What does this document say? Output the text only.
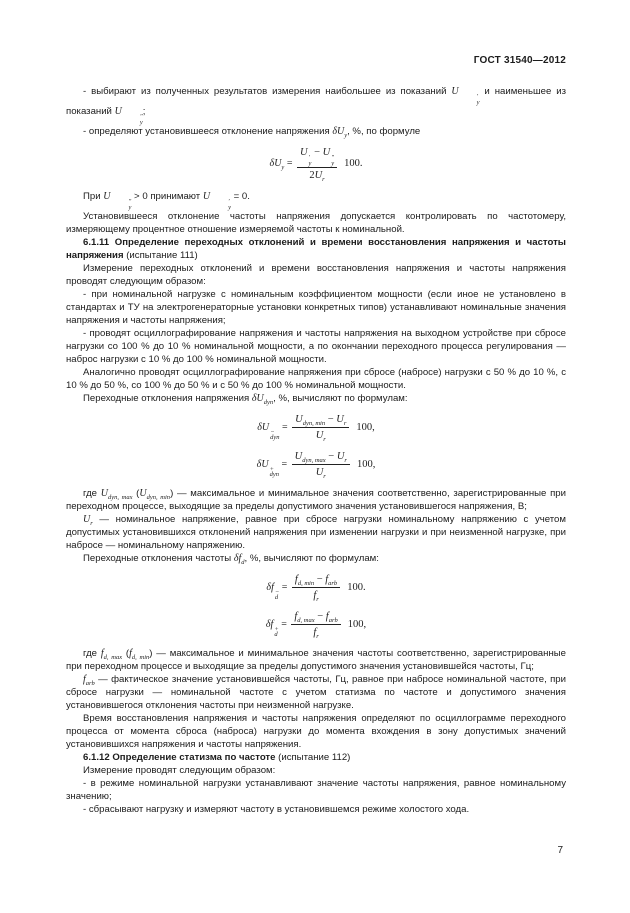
ГОСТ 31540—2012

- выбирают из полученных результатов измерения наибольшее из показаний U	′
y
и наименьшее из показаний U	″
y
;

- определяют установившееся отклонение напряжения $\delta U_y$, %, по формуле

$\delta U_y = U$ ′
y
− U ″
y
$2U_r$ 100.

При U	″
y
> 0 принимают U	′
y
= 0.

Установившееся отклонение частоты напряжения допускается контролировать по частотомеру, измеряющему процентное отношение измеряемой частоты к номинальной.

6.1.11 Определение переходных отклонений и времени восстановления напряжения и частоты напряжения (испытание 111)

Измерение переходных отклонений и времени восстановления напряжения и частоты напряжения проводят следующим образом:

- при номинальной нагрузке с номинальным коэффициентом мощности (если иное не установлено в стандартах и ТУ на электрогенераторные установки конкретных типов) устанавливают номинальные значения напряжения и частоты напряжения;

- проводят осциллографирование напряжения и частоты напряжения на выходном устройстве при сбросе нагрузки со 100 % до 10 % номинальной мощности, а по окончании переходного процесса регулирования — наброс нагрузки с 10 % до 100 % номинальной мощности.

Аналогично проводят осциллографирование напряжения при сбросе (набросе) нагрузки с 50 % до 10 %, с 10 % до 50 %, со 100 % до 50 % и с 50 % до 100 % номинальной мощности.

Переходные отклонения напряжения $\delta U_{dyn}$, %, вычисляют по формулам:

δU −
dyn
= $\frac{U_{dyn, min} - U_r}{U_r} 100$,
δU +
dyn
= $\frac{U_{dyn, max} - U_r}{U_r} 100$,

где $U_{dyn, max}$ $(U_{dyn, min})$ — максимальное и минимальное значения соответственно, зарегистрированные при переходном процессе, выходящие за пределы допустимого значения установившегося напряжения, В;

$U_r$ — номинальное напряжение, равное при сбросе нагрузки номинальному напряжению с учетом допустимых установившихся отклонений напряжения при изменении нагрузки и при неизменной нагрузке, при набросе — номинальному напряжению.

Переходные отклонения частоты $\delta f_d$, %, вычисляют по формулам:

δf −
d
= $\frac{f_{d, min} - f_{arb}}{f_r} 100$.
δf +
d
= $\frac{f_{d, max} - f_{arb}}{f_r} 100$,

где $f_{d, max}$ $(f_{d, min})$ — максимальное и минимальное значения частоты соответственно, зарегистрированные при переходном процессе и выходящие за пределы допустимого значения установившейся частоты, Гц;

$f_{arb}$ — фактическое значение установившейся частоты, Гц, равное при набросе номинальной частоте, при сбросе нагрузки — номинальной частоте с учетом статизма по частоте и допустимого значения установившегося отклонения частоты при неизменной нагрузке.

Время восстановления напряжения и частоты напряжения определяют по осциллограмме переходного процесса от момента сброса (наброса) нагрузки до момента вхождения в зону допустимых значений установившихся напряжения и частоты напряжения.

6.1.12 Определение статизма по частоте (испытание 112)

Измерение проводят следующим образом:

- в режиме номинальной нагрузки устанавливают значение частоты напряжения, равное номинальному значению;

- сбрасывают нагрузку и измеряют частоту в установившемся режиме холостого хода.

7
